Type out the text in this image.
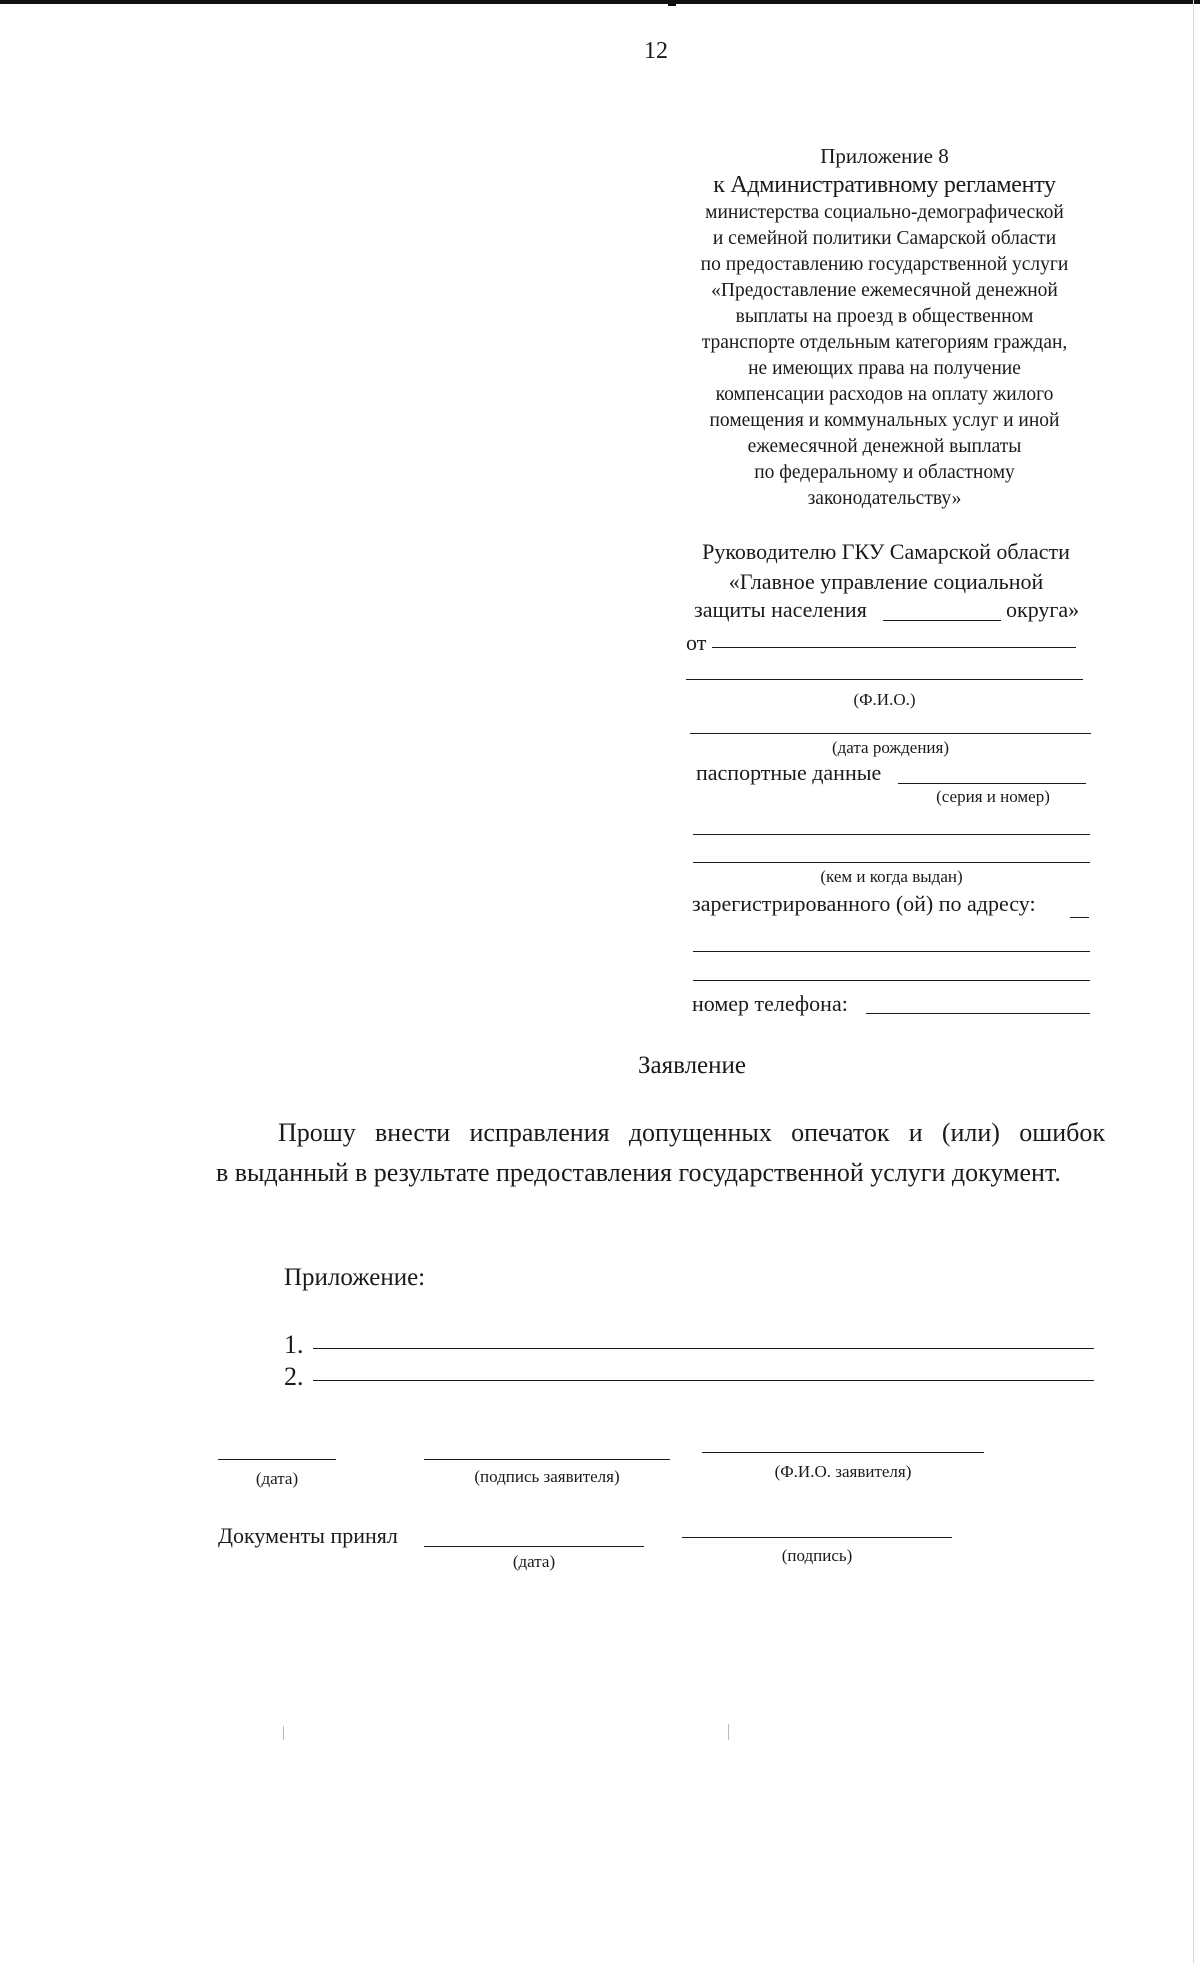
12
Приложение 8
к Административному регламенту
министерства социально-демографической
и семейной политики Самарской области
по предоставлению государственной услуги
«Предоставление ежемесячной денежной
выплаты на проезд в общественном
транспорте отдельным категориям граждан,
не имеющих права на получение
компенсации расходов на оплату жилого
помещения и коммунальных услуг и иной
ежемесячной денежной выплаты
по федеральному и областному
законодательству»
Руководителю ГКУ Самарской области
«Главное управление социальной
защиты населения	округа»
от
(Ф.И.О.)
(дата рождения)
паспортные данные
(серия и номер)
(кем и когда выдан)
зарегистрированного (ой) по адресу:
номер телефона:
Заявление
Прошу внести исправления допущенных опечаток и (или) ошибок
в выданный в результате предоставления государственной услуги документ.
Приложение:
1.
2.
(дата)	(подпись заявителя)	(Ф.И.О. заявителя)
Документы принял
(дата)	(подпись)
